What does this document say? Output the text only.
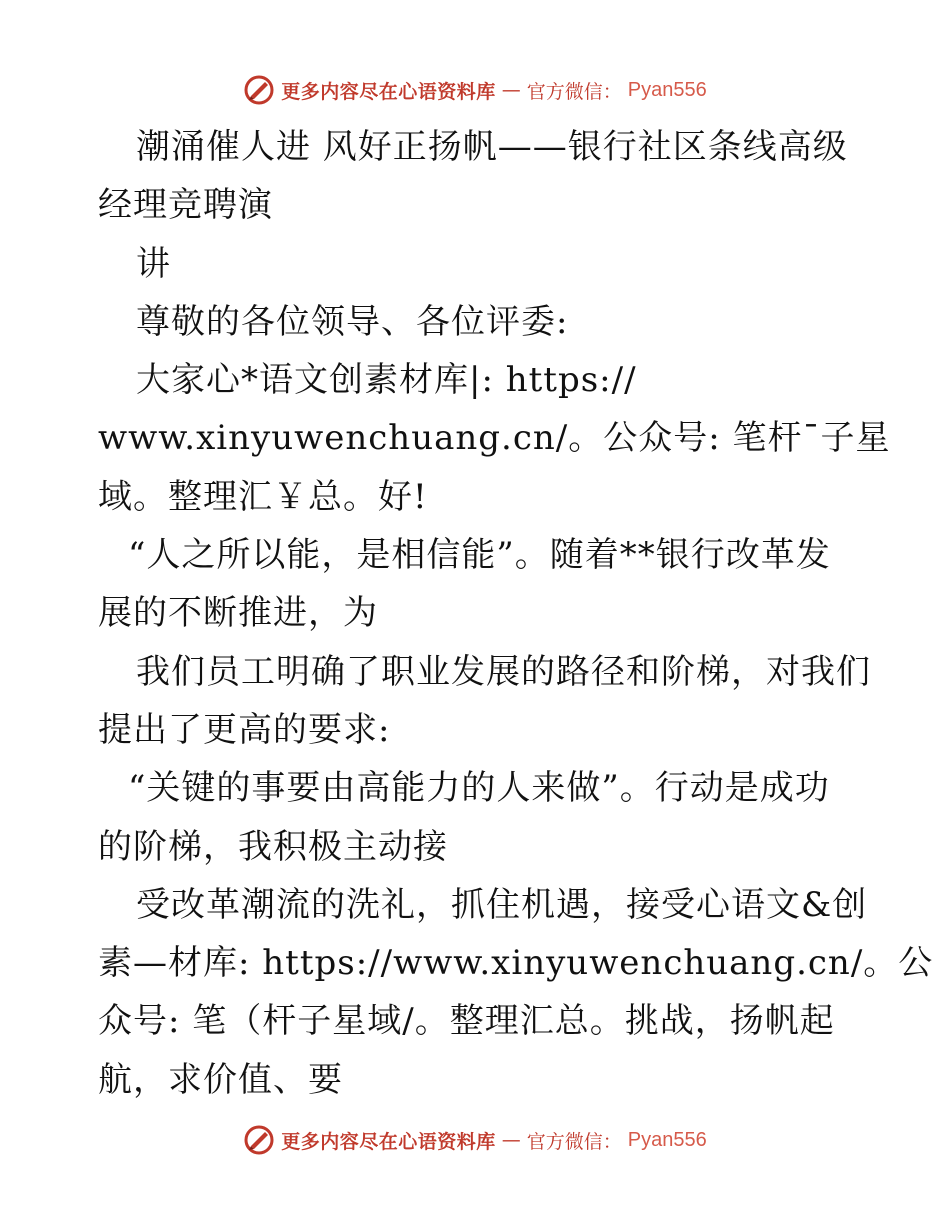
更多内容尽在心语资料库 — 官方微信： Pyan556
潮涌催人进 风好正扬帆——银行社区条线高级
经理竞聘演
讲
尊敬的各位领导、各位评委:
大家心*语文创素材库|: https://
www.xinyuwenchuang.cn/。公众号: 笔杆¯子星
域。整理汇￥总。好!
“人之所以能，是相信能”。随着**银行改革发
展的不断推进，为
我们员工明确了职业发展的路径和阶梯，对我们
提出了更高的要求:
“关键的事要由高能力的人来做”。行动是成功
的阶梯，我积极主动接
受改革潮流的洗礼，抓住机遇，接受心语文&创
素—材库: https://www.xinyuwenchuang.cn/。公
众号: 笔（杆子星域/。整理汇总。挑战，扬帆起
航，求价值、要
更多内容尽在心语资料库 — 官方微信： Pyan556
